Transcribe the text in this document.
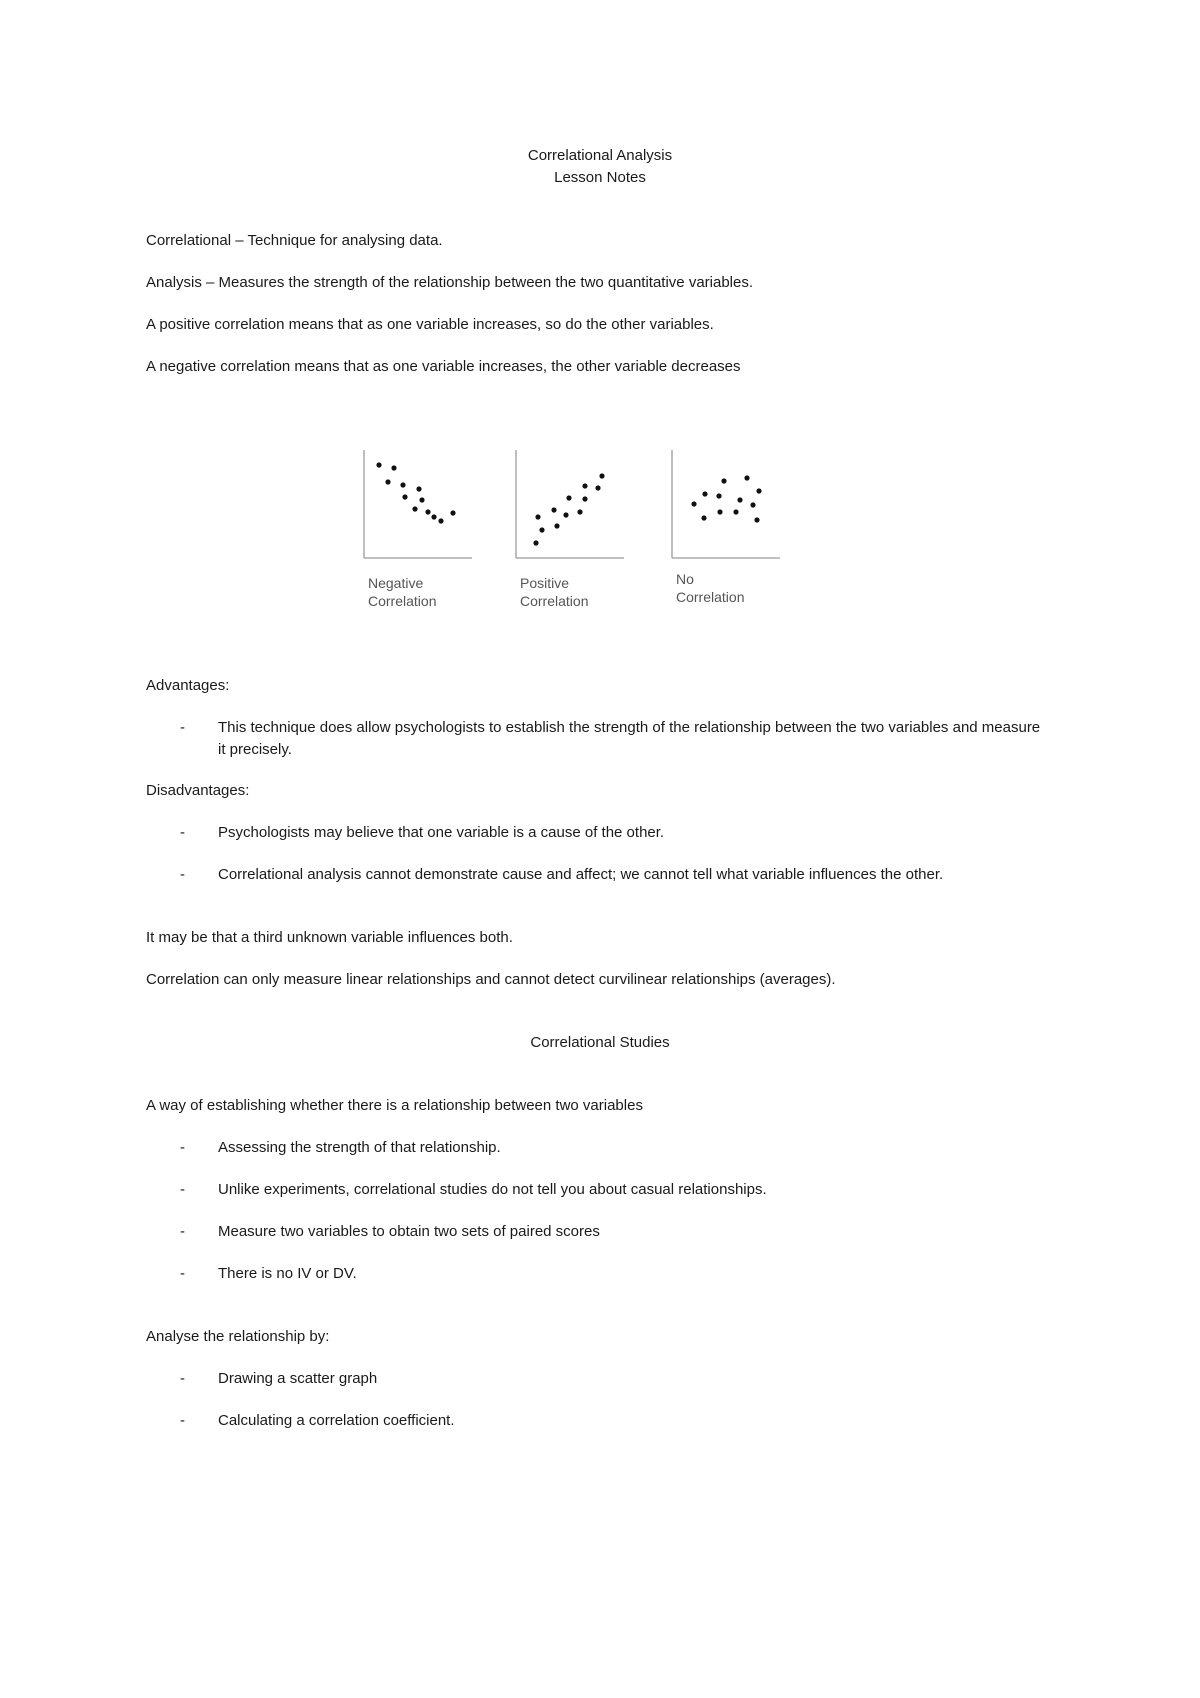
Correlational Analysis
Lesson Notes
Correlational – Technique for analysing data.
Analysis – Measures the strength of the relationship between the two quantitative variables.
A positive correlation means that as one variable increases, so do the other variables.
A negative correlation means that as one variable increases, the other variable decreases
Negative
Correlation
Positive
Correlation
No
Correlation
Advantages:
- This technique does allow psychologists to establish the strength of the relationship between the two variables and measure it precisely.
Disadvantages:
- Psychologists may believe that one variable is a cause of the other.
- Correlational analysis cannot demonstrate cause and affect; we cannot tell what variable influences the other.
It may be that a third unknown variable influences both.
Correlation can only measure linear relationships and cannot detect curvilinear relationships (averages).
Correlational Studies
A way of establishing whether there is a relationship between two variables
- Assessing the strength of that relationship.
- Unlike experiments, correlational studies do not tell you about casual relationships.
- Measure two variables to obtain two sets of paired scores
- There is no IV or DV.
Analyse the relationship by:
- Drawing a scatter graph
- Calculating a correlation coefficient.
